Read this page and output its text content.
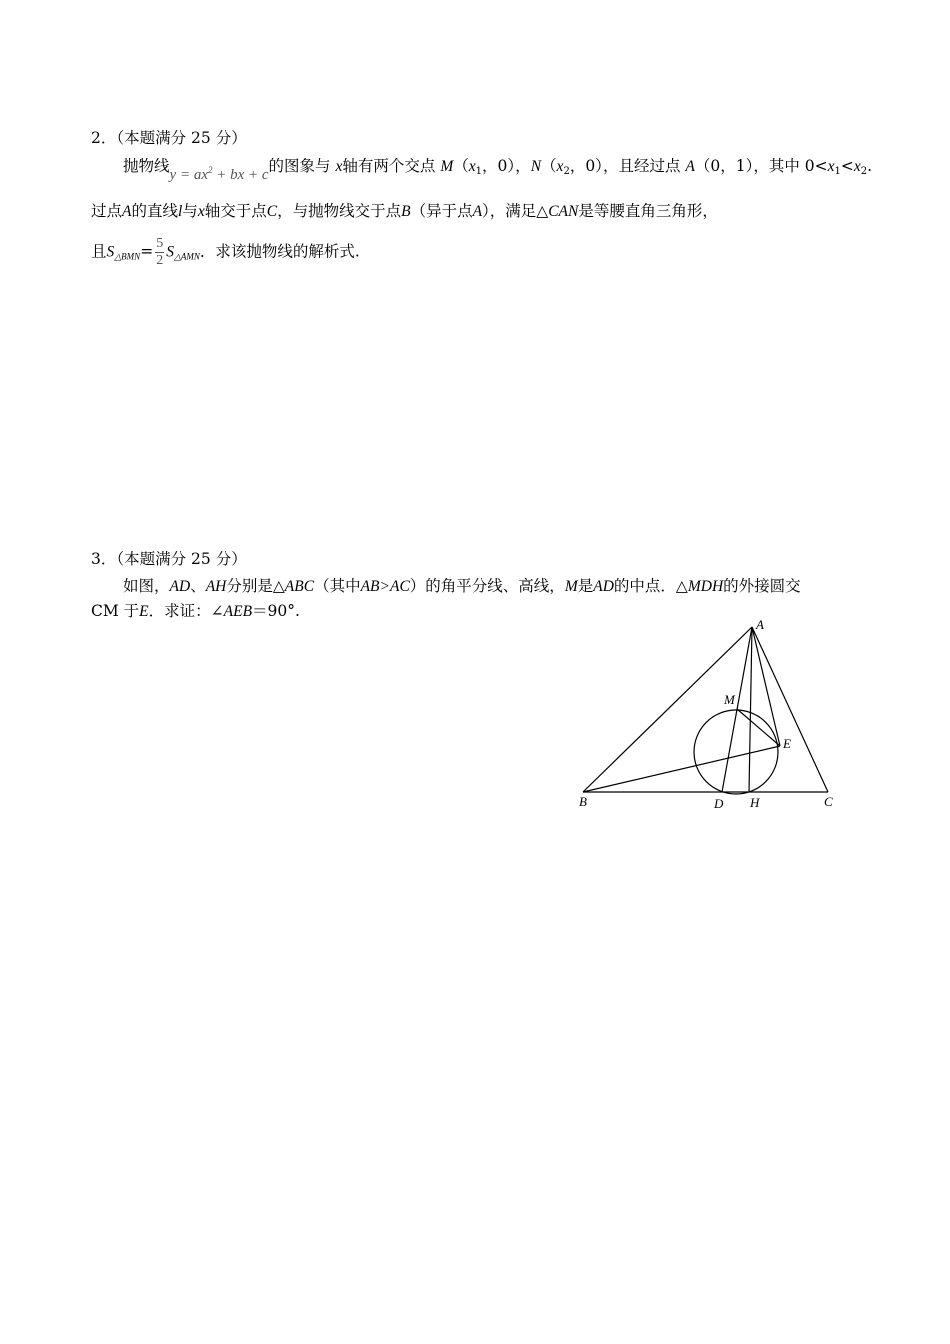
2．（本题满分 25 分）
抛物线$y = ax^2$ + bx + c的图象与 x轴有两个交点 $M(x_1$，0），$N(x_2$，0），且经过点 A（0，1），其中 $0<x_1<x_2$.
过点A的直线l与x轴交于点C，与抛物线交于点B（异于点A），满足△CAN是等腰直角三角形，
且S△BMN= $\frac{5}{2}$ S△AMN．求该抛物线的解析式.
3．（本题满分 25 分）
如图，AD、AH分别是△ABC（其中AB>AC）的角平分线、高线，M是AD的中点．△MDH的外接圆交
CM 于E．求证：∠AEB＝90°.
A
M
E
B	D H	C
